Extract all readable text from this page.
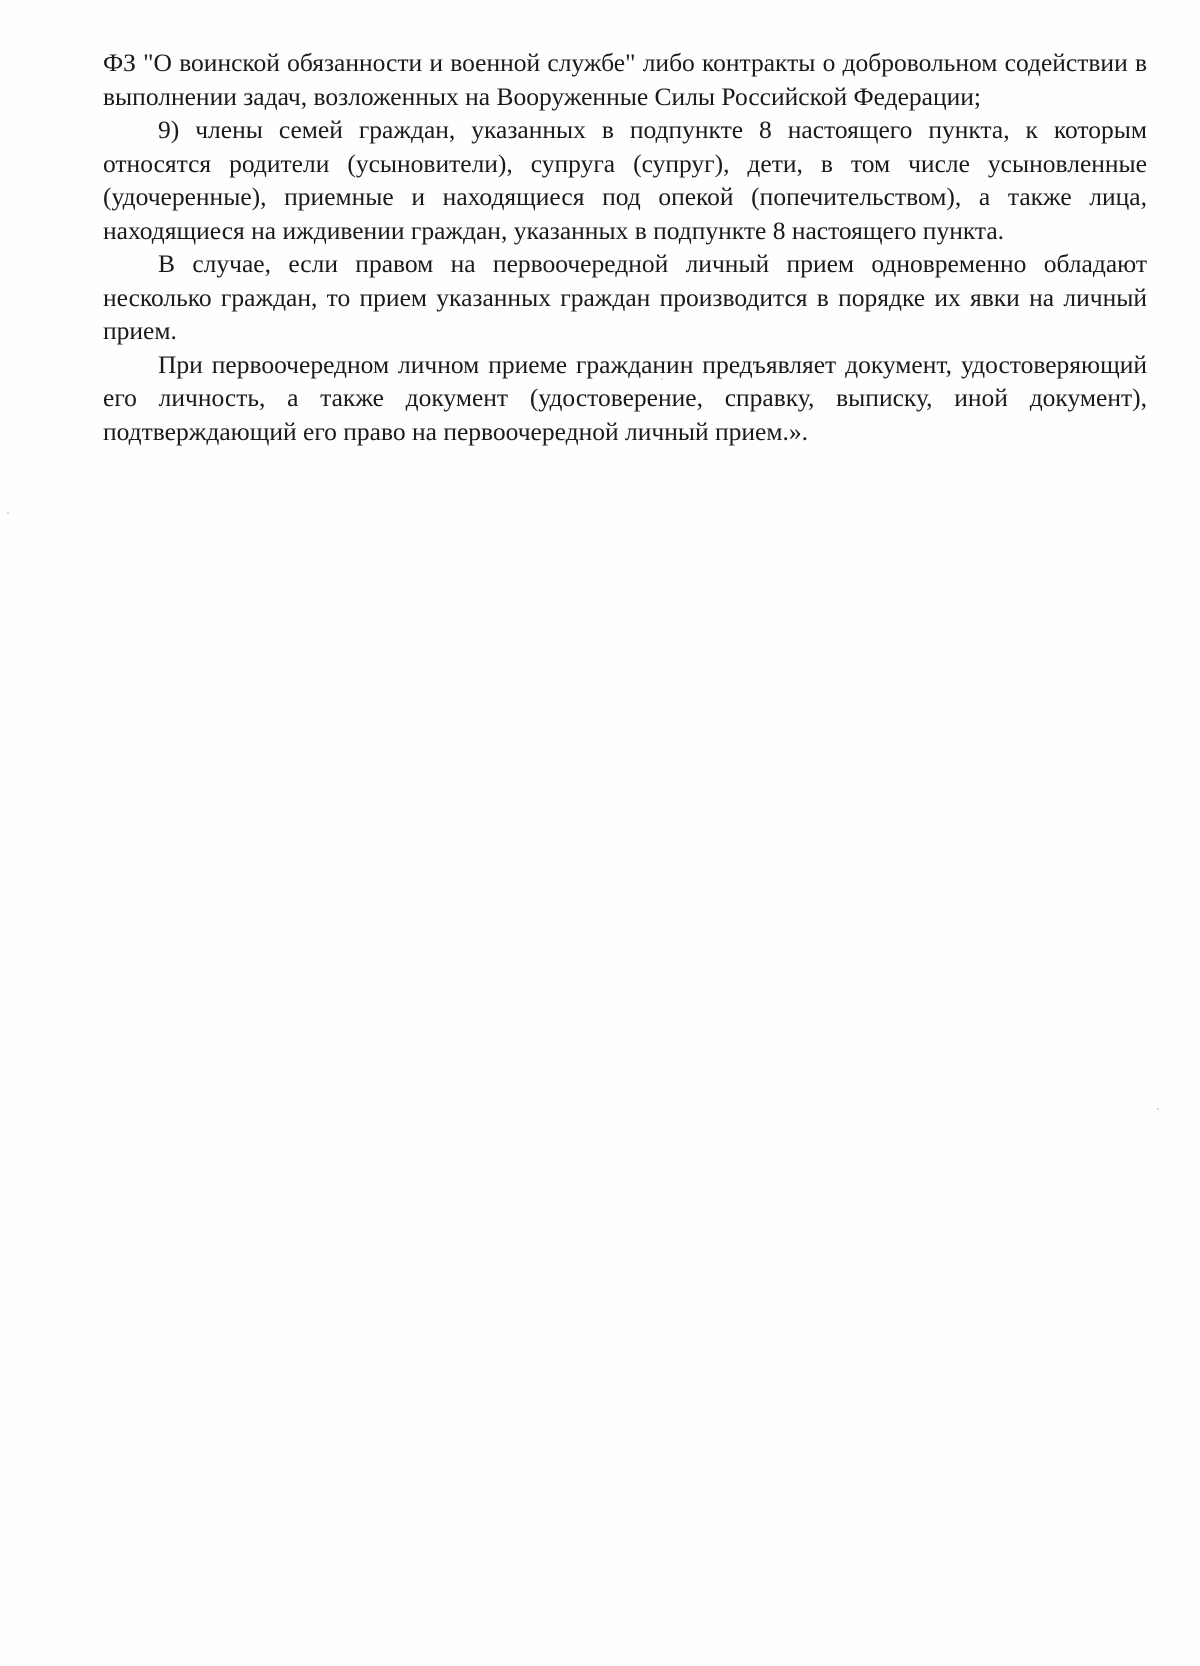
ФЗ "О воинской обязанности и военной службе" либо контракты о добровольном содействии в выполнении задач, возложенных на Вооруженные Силы Российской Федерации;

9) члены семей граждан, указанных в подпункте 8 настоящего пункта, к которым относятся родители (усыновители), супруга (супруг), дети, в том числе усыновленные (удочеренные), приемные и находящиеся под опекой (попечительством), а также лица, находящиеся на иждивении граждан, указанных в подпункте 8 настоящего пункта.

В случае, если правом на первоочередной личный прием одновременно обладают несколько граждан, то прием указанных граждан производится в порядке их явки на личный прием.

При первоочередном личном приеме гражданин предъявляет документ, удостоверяющий его личность, а также документ (удостоверение, справку, выписку, иной документ), подтверждающий его право на первоочередной личный прием.».
